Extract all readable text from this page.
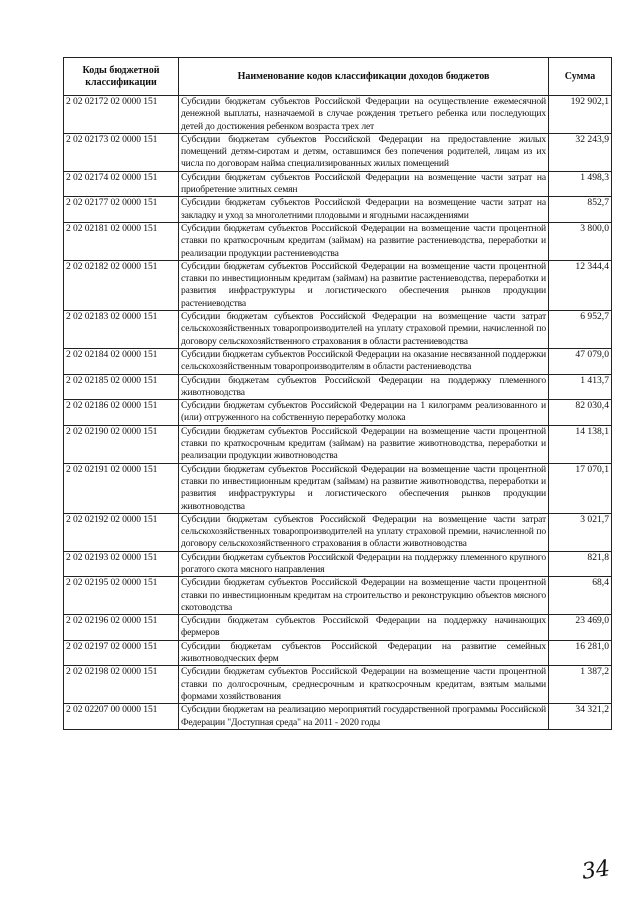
Коды бюджетной классификации	Наименование кодов классификации доходов бюджетов	Сумма
2 02 02172 02 0000 151	Субсидии бюджетам субъектов Российской Федерации на осуществление ежемесячной денежной выплаты, назначаемой в случае рождения третьего ребенка или последующих детей до достижения ребенком возраста трех лет	192 902,1
2 02 02173 02 0000 151	Субсидии бюджетам субъектов Российской Федерации на предоставление жилых помещений детям-сиротам и детям, оставшимся без попечения родителей, лицам из их числа по договорам найма специализированных жилых помещений	32 243,9
2 02 02174 02 0000 151	Субсидии бюджетам субъектов Российской Федерации на возмещение части затрат на приобретение элитных семян	1 498,3
2 02 02177 02 0000 151	Субсидии бюджетам субъектов Российской Федерации на возмещение части затрат на закладку и уход за многолетними плодовыми и ягодными насаждениями	852,7
2 02 02181 02 0000 151	Субсидии бюджетам субъектов Российской Федерации на возмещение части процентной ставки по краткосрочным кредитам (займам) на развитие растениеводства, переработки и реализации продукции растениеводства	3 800,0
2 02 02182 02 0000 151	Субсидии бюджетам субъектов Российской Федерации на возмещение части процентной ставки по инвестиционным кредитам (займам) на развитие растениеводства, переработки и развития инфраструктуры и логистического обеспечения рынков продукции растениеводства	12 344,4
2 02 02183 02 0000 151	Субсидии бюджетам субъектов Российской Федерации на возмещение части затрат сельскохозяйственных товаропроизводителей на уплату страховой премии, начисленной по договору сельскохозяйственного страхования в области растениеводства	6 952,7
2 02 02184 02 0000 151	Субсидии бюджетам субъектов Российской Федерации на оказание несвязанной поддержки сельскохозяйственным товаропроизводителям в области растениеводства	47 079,0
2 02 02185 02 0000 151	Субсидии бюджетам субъектов Российской Федерации на поддержку племенного животноводства	1 413,7
2 02 02186 02 0000 151	Субсидии бюджетам субъектов Российской Федерации на 1 килограмм реализованного и (или) отгруженного на собственную переработку молока	82 030,4
2 02 02190 02 0000 151	Субсидии бюджетам субъектов Российской Федерации на возмещение части процентной ставки по краткосрочным кредитам (займам) на развитие животноводства, переработки и реализации продукции животноводства	14 138,1
2 02 02191 02 0000 151	Субсидии бюджетам субъектов Российской Федерации на возмещение части процентной ставки по инвестиционным кредитам (займам) на развитие животноводства, переработки и развития инфраструктуры и логистического обеспечения рынков продукции животноводства	17 070,1
2 02 02192 02 0000 151	Субсидии бюджетам субъектов Российской Федерации на возмещение части затрат сельскохозяйственных товаропроизводителей на уплату страховой премии, начисленной по договору сельскохозяйственного страхования в области животноводства	3 021,7
2 02 02193 02 0000 151	Субсидии бюджетам субъектов Российской Федерации на поддержку племенного крупного рогатого скота мясного направления	821,8
2 02 02195 02 0000 151	Субсидии бюджетам субъектов Российской Федерации на возмещение части процентной ставки по инвестиционным кредитам на строительство и реконструкцию объектов мясного скотоводства	68,4
2 02 02196 02 0000 151	Субсидии бюджетам субъектов Российской Федерации на поддержку начинающих фермеров	23 469,0
2 02 02197 02 0000 151	Субсидии бюджетам субъектов Российской Федерации на развитие семейных животноводческих ферм	16 281,0
2 02 02198 02 0000 151	Субсидии бюджетам субъектов Российской Федерации на возмещение части процентной ставки по долгосрочным, среднесрочным и краткосрочным кредитам, взятым малыми формами хозяйствования	1 387,2
2 02 02207 00 0000 151	Субсидии бюджетам на реализацию мероприятий государственной программы Российской Федерации "Доступная среда" на 2011 - 2020 годы	34 321,2
34
